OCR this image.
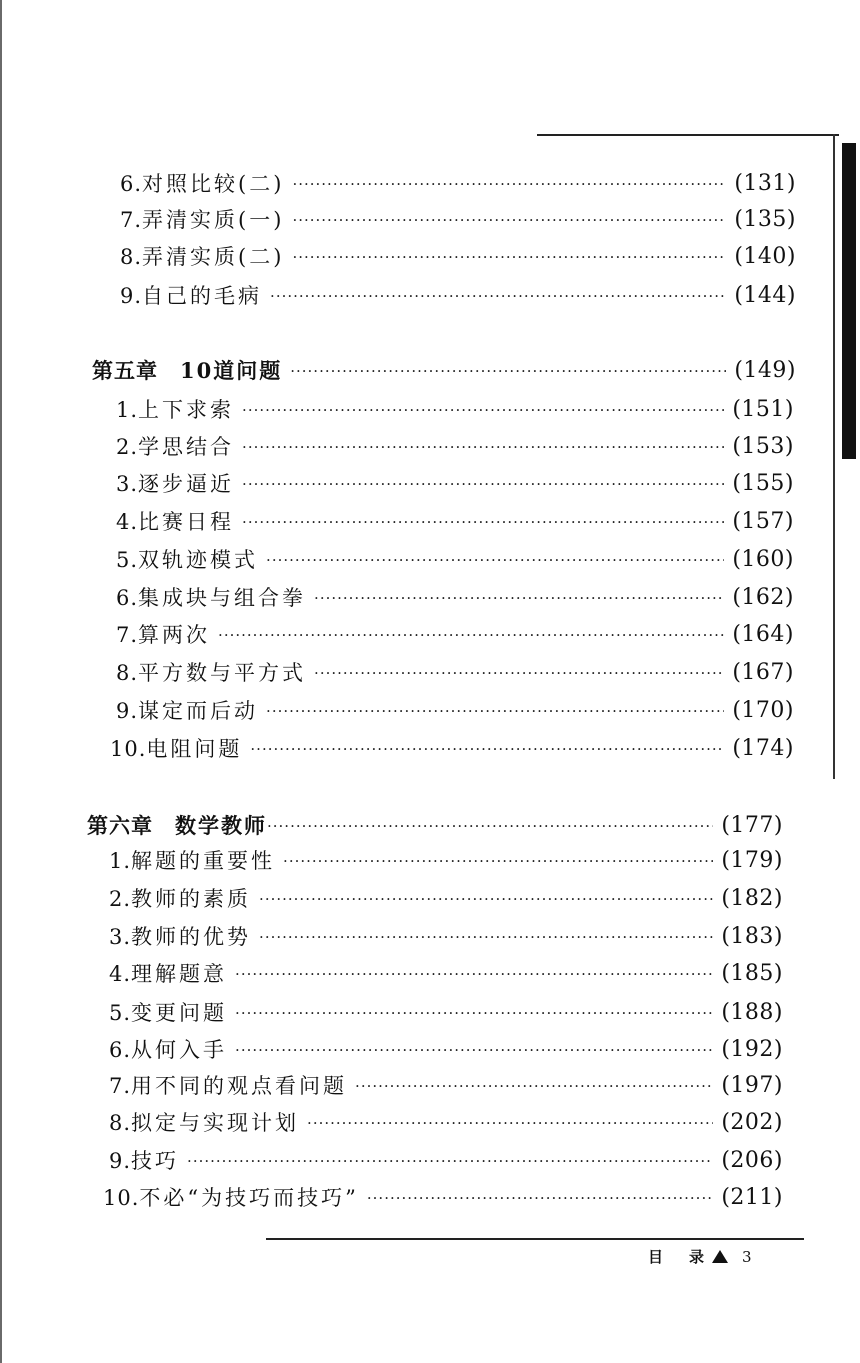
6. 对照比较(二) ·····	(131)
7. 弄清实质(一) ·····	(135)
8. 弄清实质(二) ·····	(140)
9. 自己的毛病 ·····	(144)
第五章 10道问题 ·····	(149)
1. 上下求索 ·····	(151)
2. 学思结合 ·····	(153)
3. 逐步逼近 ·····	(155)
4. 比赛日程 ·····	(157)
5. 双轨迹模式 ·····	(160)
6. 集成块与组合拳 ·····	(162)
7. 算两次 ·····	(164)
8. 平方数与平方式 ·····	(167)
9. 谋定而后动 ·····	(170)
10. 电阻问题 ·····	(174)
第六章 数学教师 ·····	(177)
1. 解题的重要性 ·····	(179)
2. 教师的素质 ·····	(182)
3. 教师的优势 ·····	(183)
4. 理解题意 ·····	(185)
5. 变更问题 ·····	(188)
6. 从何入手 ·····	(192)
7. 用不同的观点看问题 ·····	(197)
8. 拟定与实现计划 ·····	(202)
9. 技巧 ·····	(206)
10. 不必“为技巧而技巧” ·····	(211)
目 录	3
